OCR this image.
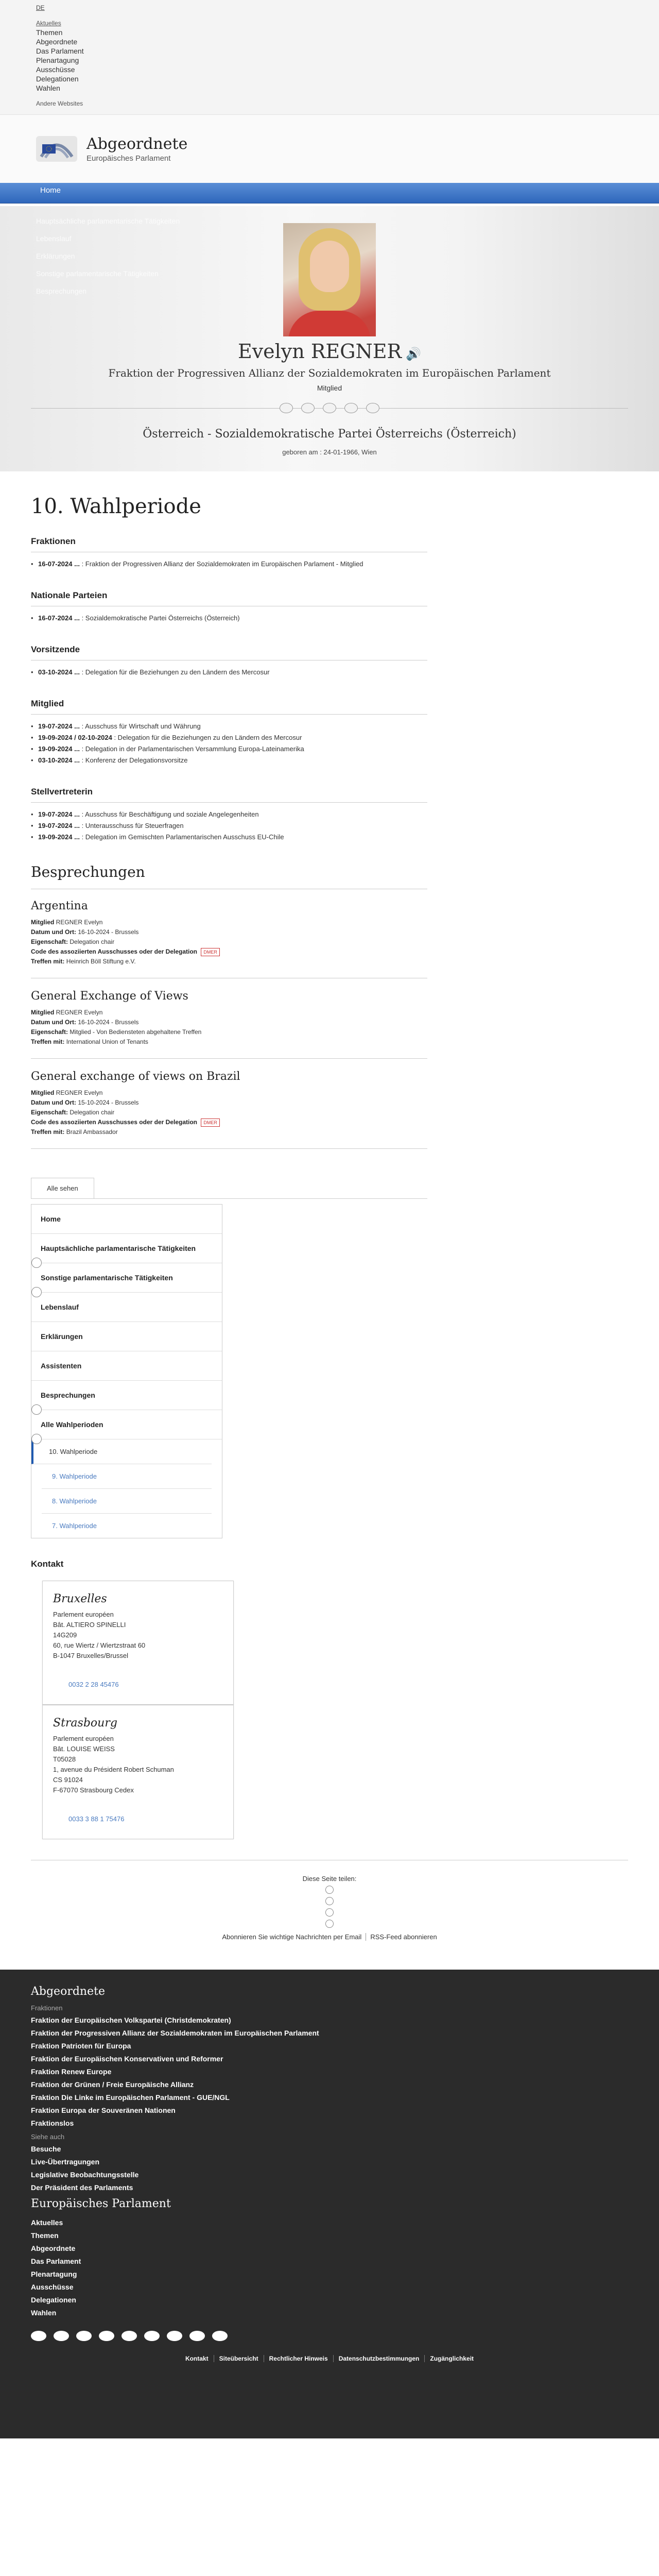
DE
Aktuelles
Themen
Abgeordnete
Das Parlament
Plenartagung
Ausschüsse
Delegationen
Wahlen
Andere Websites
Abgeordnete
Europäisches Parlament
Home
Hauptsächliche parlamentarische Tätigkeiten
Lebenslauf
Erklärungen
Sonstige parlamentarische Tätigkeiten
Besprechungen
Evelyn REGNER 🔊
Fraktion der Progressiven Allianz der Sozialdemokraten im Europäischen Parlament
Mitglied
Österreich - Sozialdemokratische Partei Österreichs (Österreich)
geboren am : 24-01-1966, Wien
10. Wahlperiode
Fraktionen
• 16-07-2024 ... : Fraktion der Progressiven Allianz der Sozialdemokraten im Europäischen Parlament - Mitglied
Nationale Parteien
• 16-07-2024 ... : Sozialdemokratische Partei Österreichs (Österreich)
Vorsitzende
• 03-10-2024 ... : Delegation für die Beziehungen zu den Ländern des Mercosur
Mitglied
• 19-07-2024 ... : Ausschuss für Wirtschaft und Währung
• 19-09-2024 / 02-10-2024 : Delegation für die Beziehungen zu den Ländern des Mercosur
• 19-09-2024 ... : Delegation in der Parlamentarischen Versammlung Europa-Lateinamerika
• 03-10-2024 ... : Konferenz der Delegationsvorsitze
Stellvertreterin
• 19-07-2024 ... : Ausschuss für Beschäftigung und soziale Angelegenheiten
• 19-07-2024 ... : Unterausschuss für Steuerfragen
• 19-09-2024 ... : Delegation im Gemischten Parlamentarischen Ausschuss EU-Chile
Besprechungen
Argentina

Mitglied REGNER Evelyn

Datum und Ort: 16-10-2024 - Brussels

Eigenschaft: Delegation chair

Code des assoziierten Ausschusses oder der Delegation DMER

Treffen mit: Heinrich Böll Stiftung e.V.

General Exchange of Views

Mitglied REGNER Evelyn

Datum und Ort: 16-10-2024 - Brussels

Eigenschaft: Mitglied - Von Bediensteten abgehaltene Treffen

Treffen mit: International Union of Tenants

General exchange of views on Brazil

Mitglied REGNER Evelyn

Datum und Ort: 15-10-2024 - Brussels

Eigenschaft: Delegation chair

Code des assoziierten Ausschusses oder der Delegation DMER

Treffen mit: Brazil Ambassador

Alle sehen
Home
Hauptsächliche parlamentarische Tätigkeiten
Sonstige parlamentarische Tätigkeiten
Lebenslauf
Erklärungen
Assistenten
Besprechungen
Alle Wahlperioden
10. Wahlperiode
9. Wahlperiode
8. Wahlperiode
7. Wahlperiode
Kontakt
Bruxelles

Parlement européen

Bât. ALTIERO SPINELLI

14G209

60, rue Wiertz / Wiertzstraat 60

B-1047 Bruxelles/Brussel

0032 2 28 45476

Strasbourg

Parlement européen

Bât. LOUISE WEISS

T05028

1, avenue du Président Robert Schuman

CS 91024

F-67070 Strasbourg Cedex

0033 3 88 1 75476

Diese Seite teilen:
Abonnieren Sie wichtige Nachrichten per Email RSS-Feed abonnieren
Abgeordnete
Fraktionen
Fraktion der Europäischen Volkspartei (Christdemokraten)
Fraktion der Progressiven Allianz der Sozialdemokraten im Europäischen Parlament
Fraktion Patrioten für Europa
Fraktion der Europäischen Konservativen und Reformer
Fraktion Renew Europe
Fraktion der Grünen / Freie Europäische Allianz
Fraktion Die Linke im Europäischen Parlament - GUE/NGL
Fraktion Europa der Souveränen Nationen
Fraktionslos
Siehe auch
Besuche
Live-Übertragungen
Legislative Beobachtungsstelle
Der Präsident des Parlaments
Europäisches Parlament
Aktuelles
Themen
Abgeordnete
Das Parlament
Plenartagung
Ausschüsse
Delegationen
Wahlen
Kontakt Siteübersicht Rechtlicher Hinweis Datenschutzbestimmungen Zugänglichkeit
